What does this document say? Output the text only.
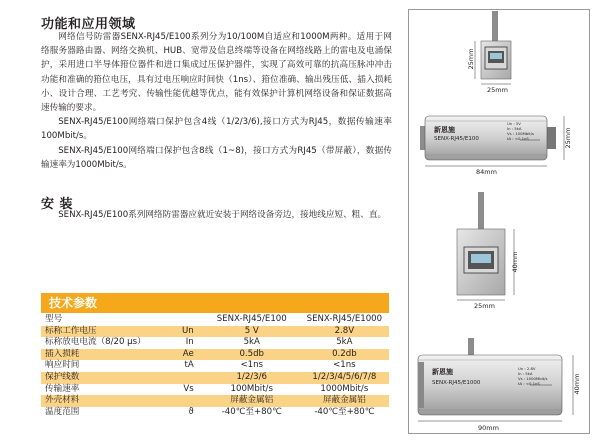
功能和应用领域

网络信号防雷器SENX-RJ45/E100系列分为10/100M自适应和1000M两种。适用于网络服务器路由器、网络交换机、HUB、宽带及信息终端等设备在网络线路上的雷电及电涌保护，采用进口半导体箝位器件和进口集成过压保护器件，实现了高效可靠的抗高压脉冲冲击功能和准确的箝位电压，具有过电压响应时间快（1ns）、箝位准确、输出残压低、插入损耗小、设计合理、工艺考究、传输性能优越等优点，能有效保护计算机网络设备和保证数据高速传输的要求。

SENX-RJ45/E100网络端口保护包含4线（1/2/3/6),接口方式为RJ45，数据传输速率100Mbit/s。

SENX-RJ45/E100网络端口保护包含8线（1~8)，接口方式为RJ45（带屏蔽），数据传输速率为1000Mbit/s。

安 装

SENX-RJ45/E100系列网络防雷器应就近安装于网络设备旁边，接地线应短、粗、直。

技术参数
型号		SENX-RJ45/E100	SENX-RJ45/E1000
标称工作电压	Un	5 V	2.8V
标称放电电流（8/20 μs）	In	5kA	5kA
插入损耗	Ae	0.5db	0.2db
响应时间	tA	<1ns	<1ns
保护线数		1/2/3/6	1/2/3/4/5/6/7/8
传输速率	Vs	100Mbit/s	1000Mbit/s
外壳材料		屏蔽金属铝	屏蔽金属铝
温度范围	ϑ	-40℃至+80℃	-40℃至+80℃
25mm
25mm
新恩施
SENX-RJ45/E100
Un : 5V
In : 5kA
Vs : 100Mbit/s
tA : <0.1nS
84mm
25mm
40mm
25mm
新恩施
SENX-RJ45/E1000
Un : 2.8V
In : 5kA
Vs : 1000Mbit/s
tA : <0.1nS
90mm
40mm
